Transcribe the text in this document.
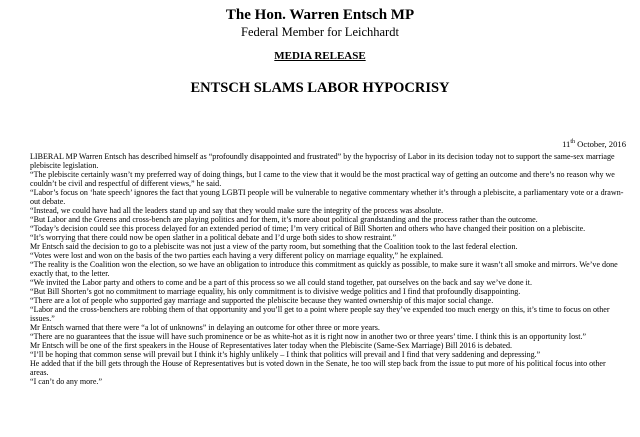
The Hon. Warren Entsch MP
Federal Member for Leichhardt
MEDIA RELEASE
ENTSCH SLAMS LABOR HYPOCRISY
11th October, 2016

LIBERAL MP Warren Entsch has described himself as “profoundly disappointed and frustrated” by the hypocrisy of Labor in its decision today not to support the same-sex marriage plebiscite legislation.

“The plebiscite certainly wasn’t my preferred way of doing things, but I came to the view that it would be the most practical way of getting an outcome and there’s no reason why we couldn’t be civil and respectful of different views,” he said.

“Labor’s focus on ‘hate speech’ ignores the fact that young LGBTI people will be vulnerable to negative commentary whether it’s through a plebiscite, a parliamentary vote or a drawn-out debate.

“Instead, we could have had all the leaders stand up and say that they would make sure the integrity of the process was absolute.

“But Labor and the Greens and cross-bench are playing politics and for them, it’s more about political grandstanding and the process rather than the outcome.

“Today’s decision could see this process delayed for an extended period of time; I’m very critical of Bill Shorten and others who have changed their position on a plebiscite.

“It’s worrying that there could now be open slather in a political debate and I’d urge both sides to show restraint.”

Mr Entsch said the decision to go to a plebiscite was not just a view of the party room, but something that the Coalition took to the last federal election.

“Votes were lost and won on the basis of the two parties each having a very different policy on marriage equality,” he explained.

“The reality is the Coalition won the election, so we have an obligation to introduce this commitment as quickly as possible, to make sure it wasn’t all smoke and mirrors. We’ve done exactly that, to the letter.

“We invited the Labor party and others to come and be a part of this process so we all could stand together, pat ourselves on the back and say we’ve done it.

“But Bill Shorten’s got no commitment to marriage equality, his only commitment is to divisive wedge politics and I find that profoundly disappointing.

“There are a lot of people who supported gay marriage and supported the plebiscite because they wanted ownership of this major social change.

“Labor and the cross-benchers are robbing them of that opportunity and you’ll get to a point where people say they’ve expended too much energy on this, it’s time to focus on other issues.”

Mr Entsch warned that there were “a lot of unknowns” in delaying an outcome for other three or more years.

“There are no guarantees that the issue will have such prominence or be as white-hot as it is right now in another two or three years’ time. I think this is an opportunity lost.”

Mr Entsch will be one of the first speakers in the House of Representatives later today when the Plebiscite (Same-Sex Marriage) Bill 2016 is debated.

“I’ll be hoping that common sense will prevail but I think it’s highly unlikely – I think that politics will prevail and I find that very saddening and depressing.”

He added that if the bill gets through the House of Representatives but is voted down in the Senate, he too will step back from the issue to put more of his political focus into other areas.

“I can’t do any more.”
